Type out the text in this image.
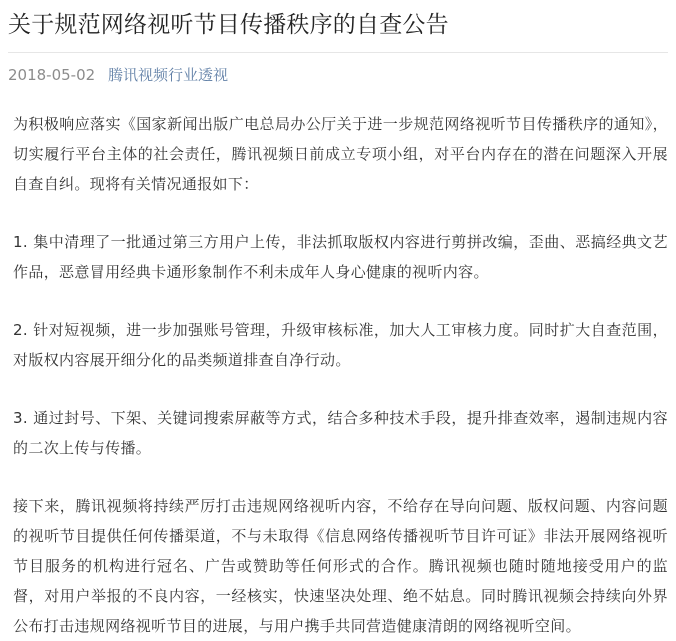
关于规范网络视听节目传播秩序的自查公告
2018-05-02 腾讯视频行业透视

为积极响应落实《国家新闻出版广电总局办公厅关于进一步规范网络视听节目传播秩序的通知》，切实履行平台主体的社会责任，腾讯视频日前成立专项小组，对平台内存在的潜在问题深入开展自查自纠。现将有关情况通报如下：

1. 集中清理了一批通过第三方用户上传，非法抓取版权内容进行剪拼改编，歪曲、恶搞经典文艺作品，恶意冒用经典卡通形象制作不利未成年人身心健康的视听内容。

2. 针对短视频，进一步加强账号管理，升级审核标准，加大人工审核力度。同时扩大自查范围，对版权内容展开细分化的品类频道排查自净行动。

3. 通过封号、下架、关键词搜索屏蔽等方式，结合多种技术手段，提升排查效率，遏制违规内容的二次上传与传播。

接下来，腾讯视频将持续严厉打击违规网络视听内容，不给存在导向问题、版权问题、内容问题的视听节目提供任何传播渠道，不与未取得《信息网络传播视听节目许可证》非法开展网络视听节目服务的机构进行冠名、广告或赞助等任何形式的合作。腾讯视频也随时随地接受用户的监督，对用户举报的不良内容，一经核实，快速坚决处理、绝不姑息。同时腾讯视频会持续向外界公布打击违规网络视听节目的进展，与用户携手共同营造健康清朗的网络视听空间。
